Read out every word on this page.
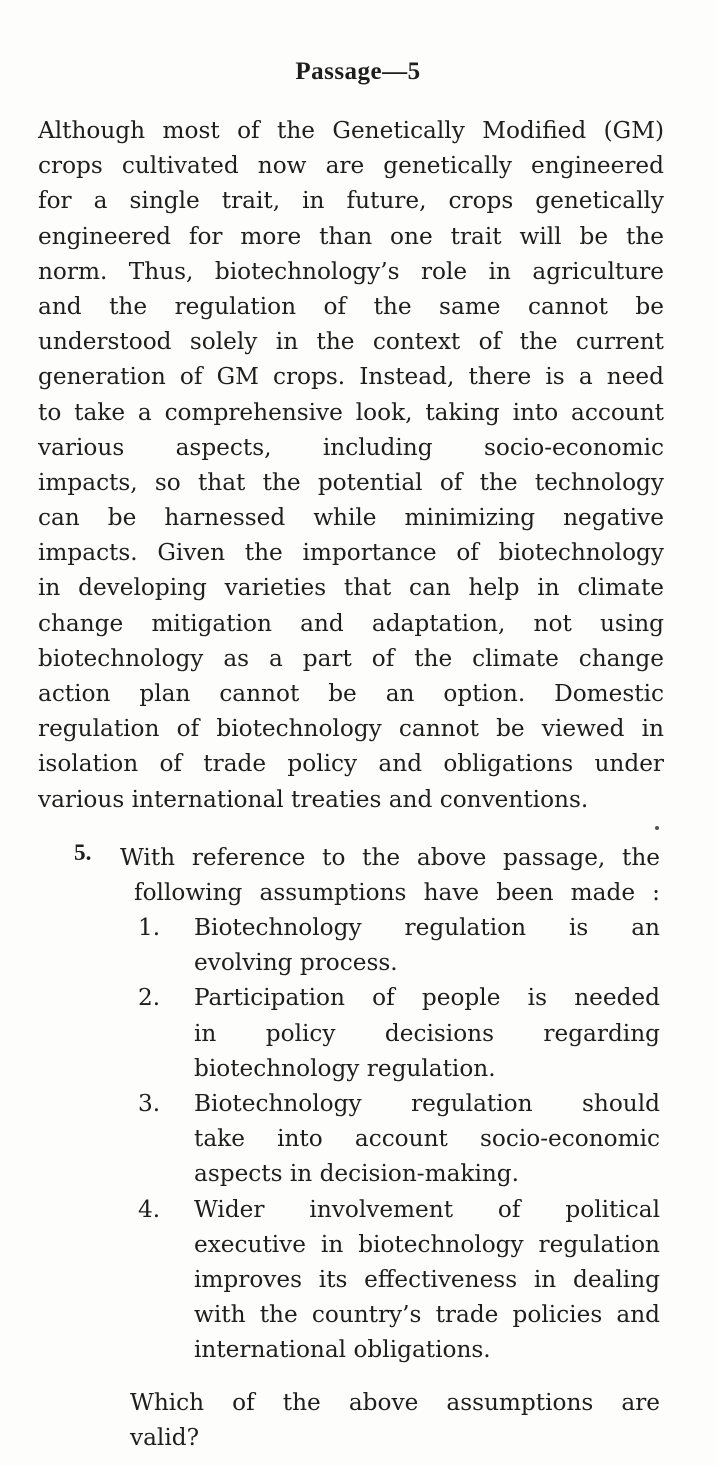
Passage—5
Although most of the Genetically Modified (GM)
crops cultivated now are genetically engineered
for a single trait, in future, crops genetically
engineered for more than one trait will be the
norm. Thus, biotechnology’s role in agriculture
and the regulation of the same cannot be
understood solely in the context of the current
generation of GM crops. Instead, there is a need
to take a comprehensive look, taking into account
various aspects, including socio-economic
impacts, so that the potential of the technology
can be harnessed while minimizing negative
impacts. Given the importance of biotechnology
in developing varieties that can help in climate
change mitigation and adaptation, not using
biotechnology as a part of the climate change
action plan cannot be an option. Domestic
regulation of biotechnology cannot be viewed in
isolation of trade policy and obligations under
various international treaties and conventions.
5. With reference to the above passage, the
following assumptions have been made :
1. Biotechnology regulation is an
evolving process.
2. Participation of people is needed
in policy decisions regarding
biotechnology regulation.
3. Biotechnology regulation should
take into account socio-economic
aspects in decision-making.
4. Wider involvement of political
executive in biotechnology regulation
improves its effectiveness in dealing
with the country’s trade policies and
international obligations.
Which of the above assumptions are
valid?
